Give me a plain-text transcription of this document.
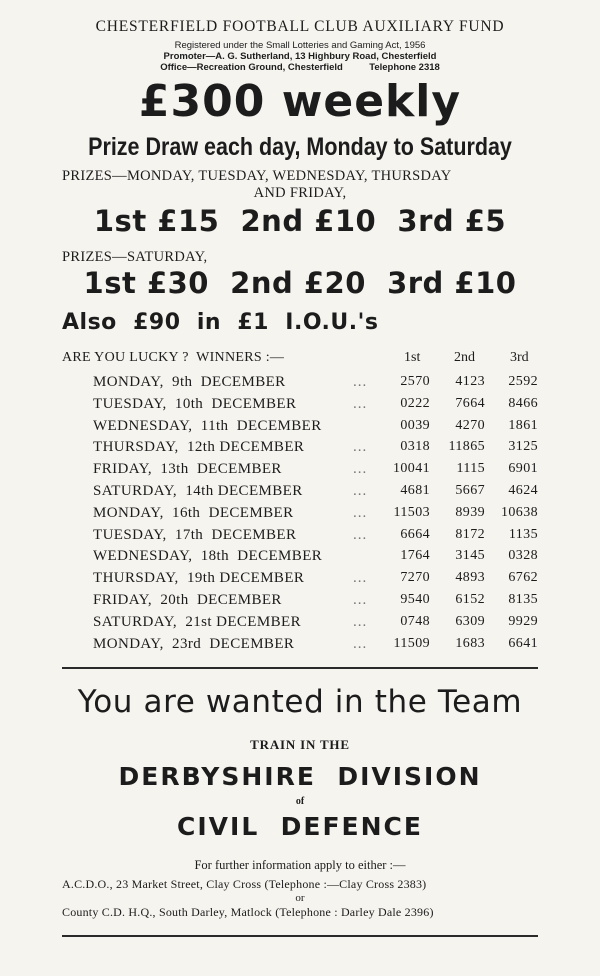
CHESTERFIELD FOOTBALL CLUB AUXILIARY FUND
Registered under the Small Lotteries and Gaming Act, 1956
Promoter—A. G. Sutherland, 13 Highbury Road, Chesterfield
Office—Recreation Ground, Chesterfield          Telephone 2318
£300 weekly
Prize Draw each day, Monday to Saturday
PRIZES—MONDAY, TUESDAY, WEDNESDAY, THURSDAY
AND FRIDAY,
1st £15  2nd £10  3rd £5
PRIZES—SATURDAY,
1st £30  2nd £20  3rd £10
Also  £90  in  £1  I.O.U.'s
ARE YOU LUCKY ?  WINNERS :—	1st 2nd	3rd
MONDAY,  9th  DECEMBER	...	2570	4123	2592
TUESDAY,  10th  DECEMBER	...	0222	7664	8466
WEDNESDAY,  11th  DECEMBER	0039	4270	1861
THURSDAY,  12th DECEMBER	...	0318	11865	3125
FRIDAY,  13th  DECEMBER	...	10041	1115	6901
SATURDAY,  14th DECEMBER	...	4681	5667	4624
MONDAY,  16th  DECEMBER	...	11503	8939	10638
TUESDAY,  17th  DECEMBER	...	6664	8172	1135
WEDNESDAY,  18th  DECEMBER	1764	3145	0328
THURSDAY,  19th DECEMBER	...	7270	4893	6762
FRIDAY,  20th  DECEMBER	...	9540	6152	8135
SATURDAY,  21st DECEMBER	...	0748	6309	9929
MONDAY,  23rd  DECEMBER	...	11509	1683	6641
You are wanted in the Team
TRAIN IN THE
DERBYSHIRE  DIVISION
of
CIVIL  DEFENCE
For further information apply to either :—
A.C.D.O., 23 Market Street, Clay Cross (Telephone :—Clay Cross 2383)
or
County C.D. H.Q., South Darley, Matlock (Telephone : Darley Dale 2396)
